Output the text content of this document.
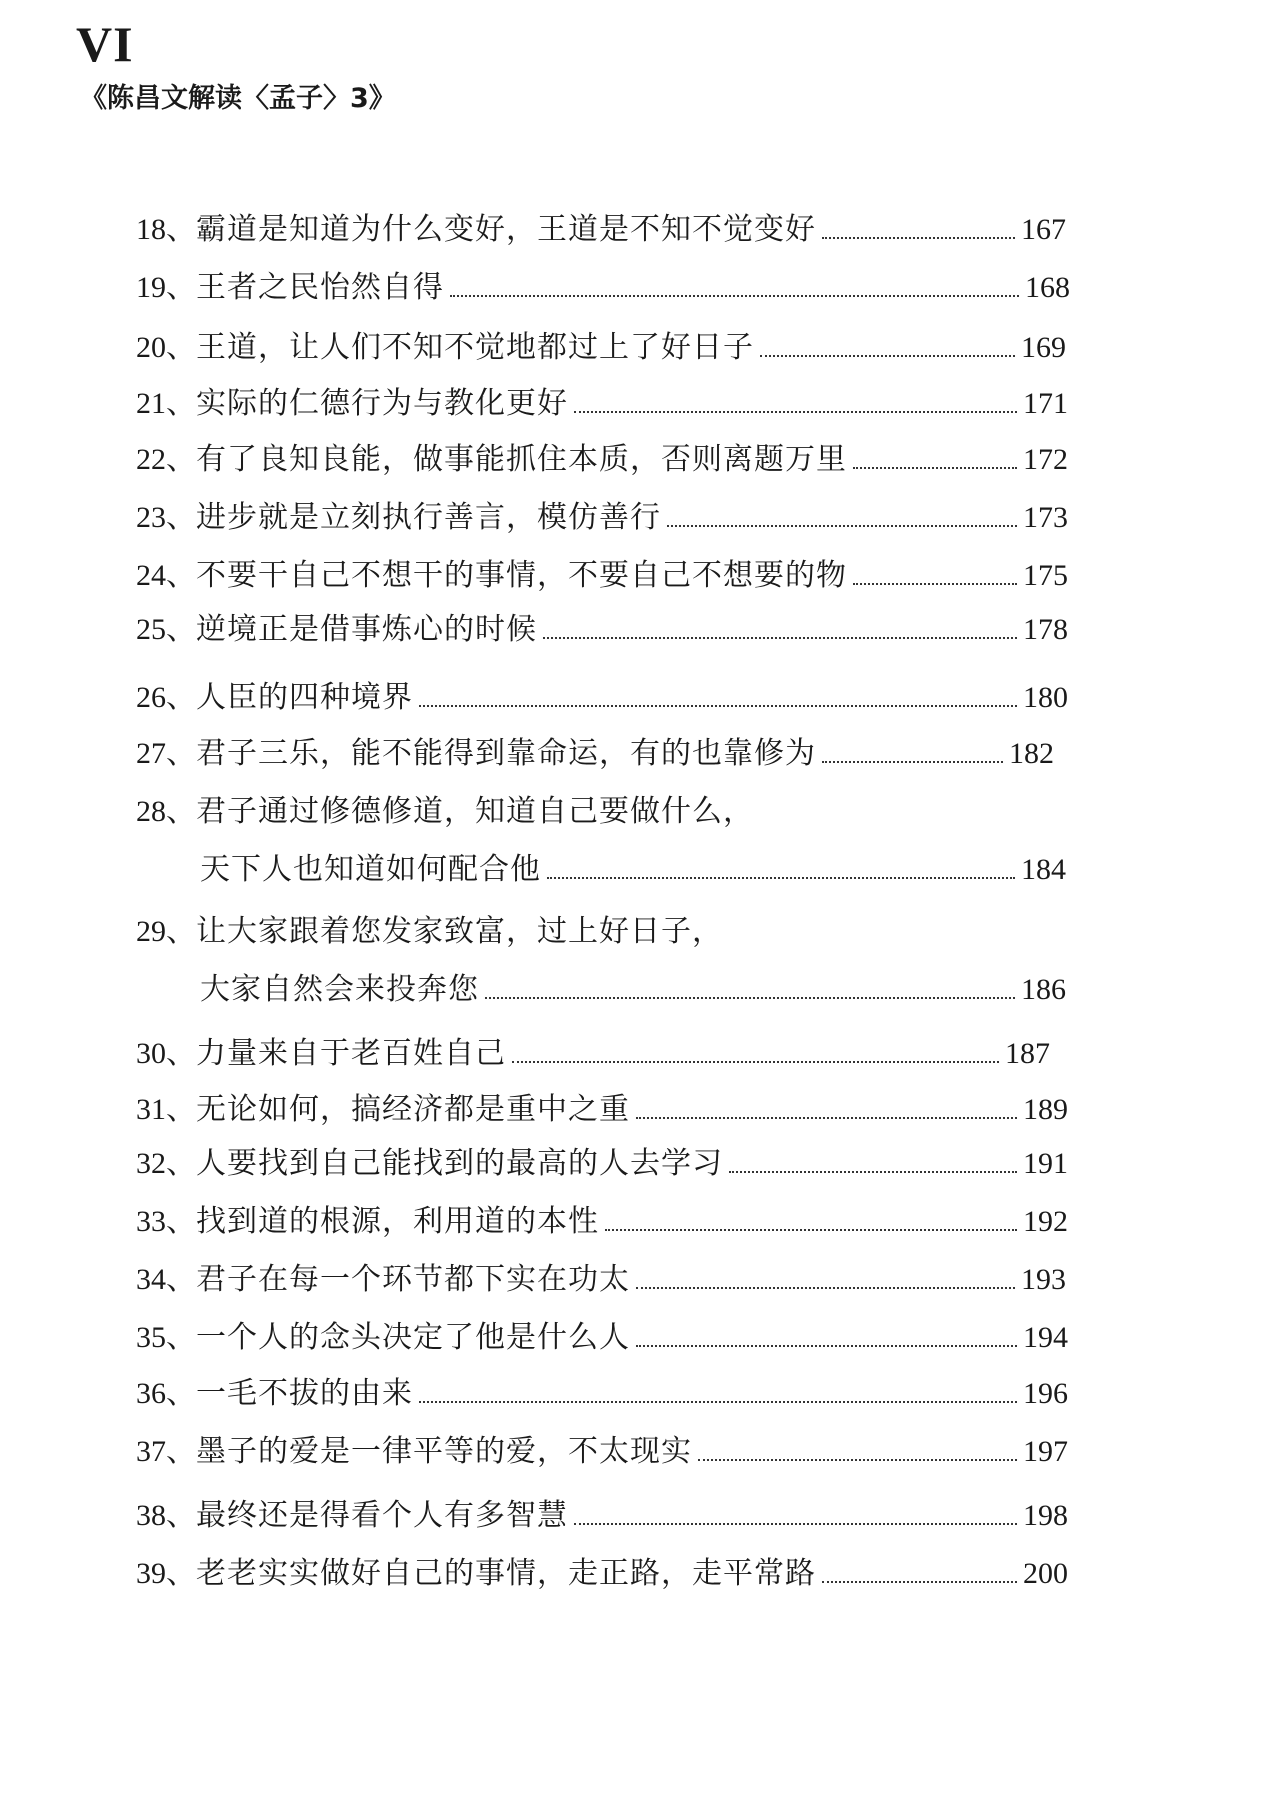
VI
《陈昌文解读〈孟子〉3》
18 、 霸道是知道为什么变好，王道是不知不觉变好	167
19 、 王者之民怡然自得	168
20 、 王道，让人们不知不觉地都过上了好日子	169
21 、 实际的仁德行为与教化更好	171
22 、 有了良知良能，做事能抓住本质，否则离题万里	172
23 、 进步就是立刻执行善言，模仿善行	173
24 、 不要干自己不想干的事情，不要自己不想要的物	175
25 、 逆境正是借事炼心的时候	178
26 、 人臣的四种境界	180
27 、 君子三乐，能不能得到靠命运，有的也靠修为	182
28 、 君子通过修德修道，知道自己要做什么，
天下人也知道如何配合他	184
29 、 让大家跟着您发家致富，过上好日子，
大家自然会来投奔您	186
30 、 力量来自于老百姓自己	187
31 、 无论如何，搞经济都是重中之重	189
32 、 人要找到自己能找到的最高的人去学习	191
33 、 找到道的根源，利用道的本性	192
34 、 君子在每一个环节都下实在功太	193
35 、 一个人的念头决定了他是什么人	194
36 、 一毛不拔的由来	196
37 、 墨子的爱是一律平等的爱，不太现实	197
38 、 最终还是得看个人有多智慧	198
39 、 老老实实做好自己的事情，走正路，走平常路	200
